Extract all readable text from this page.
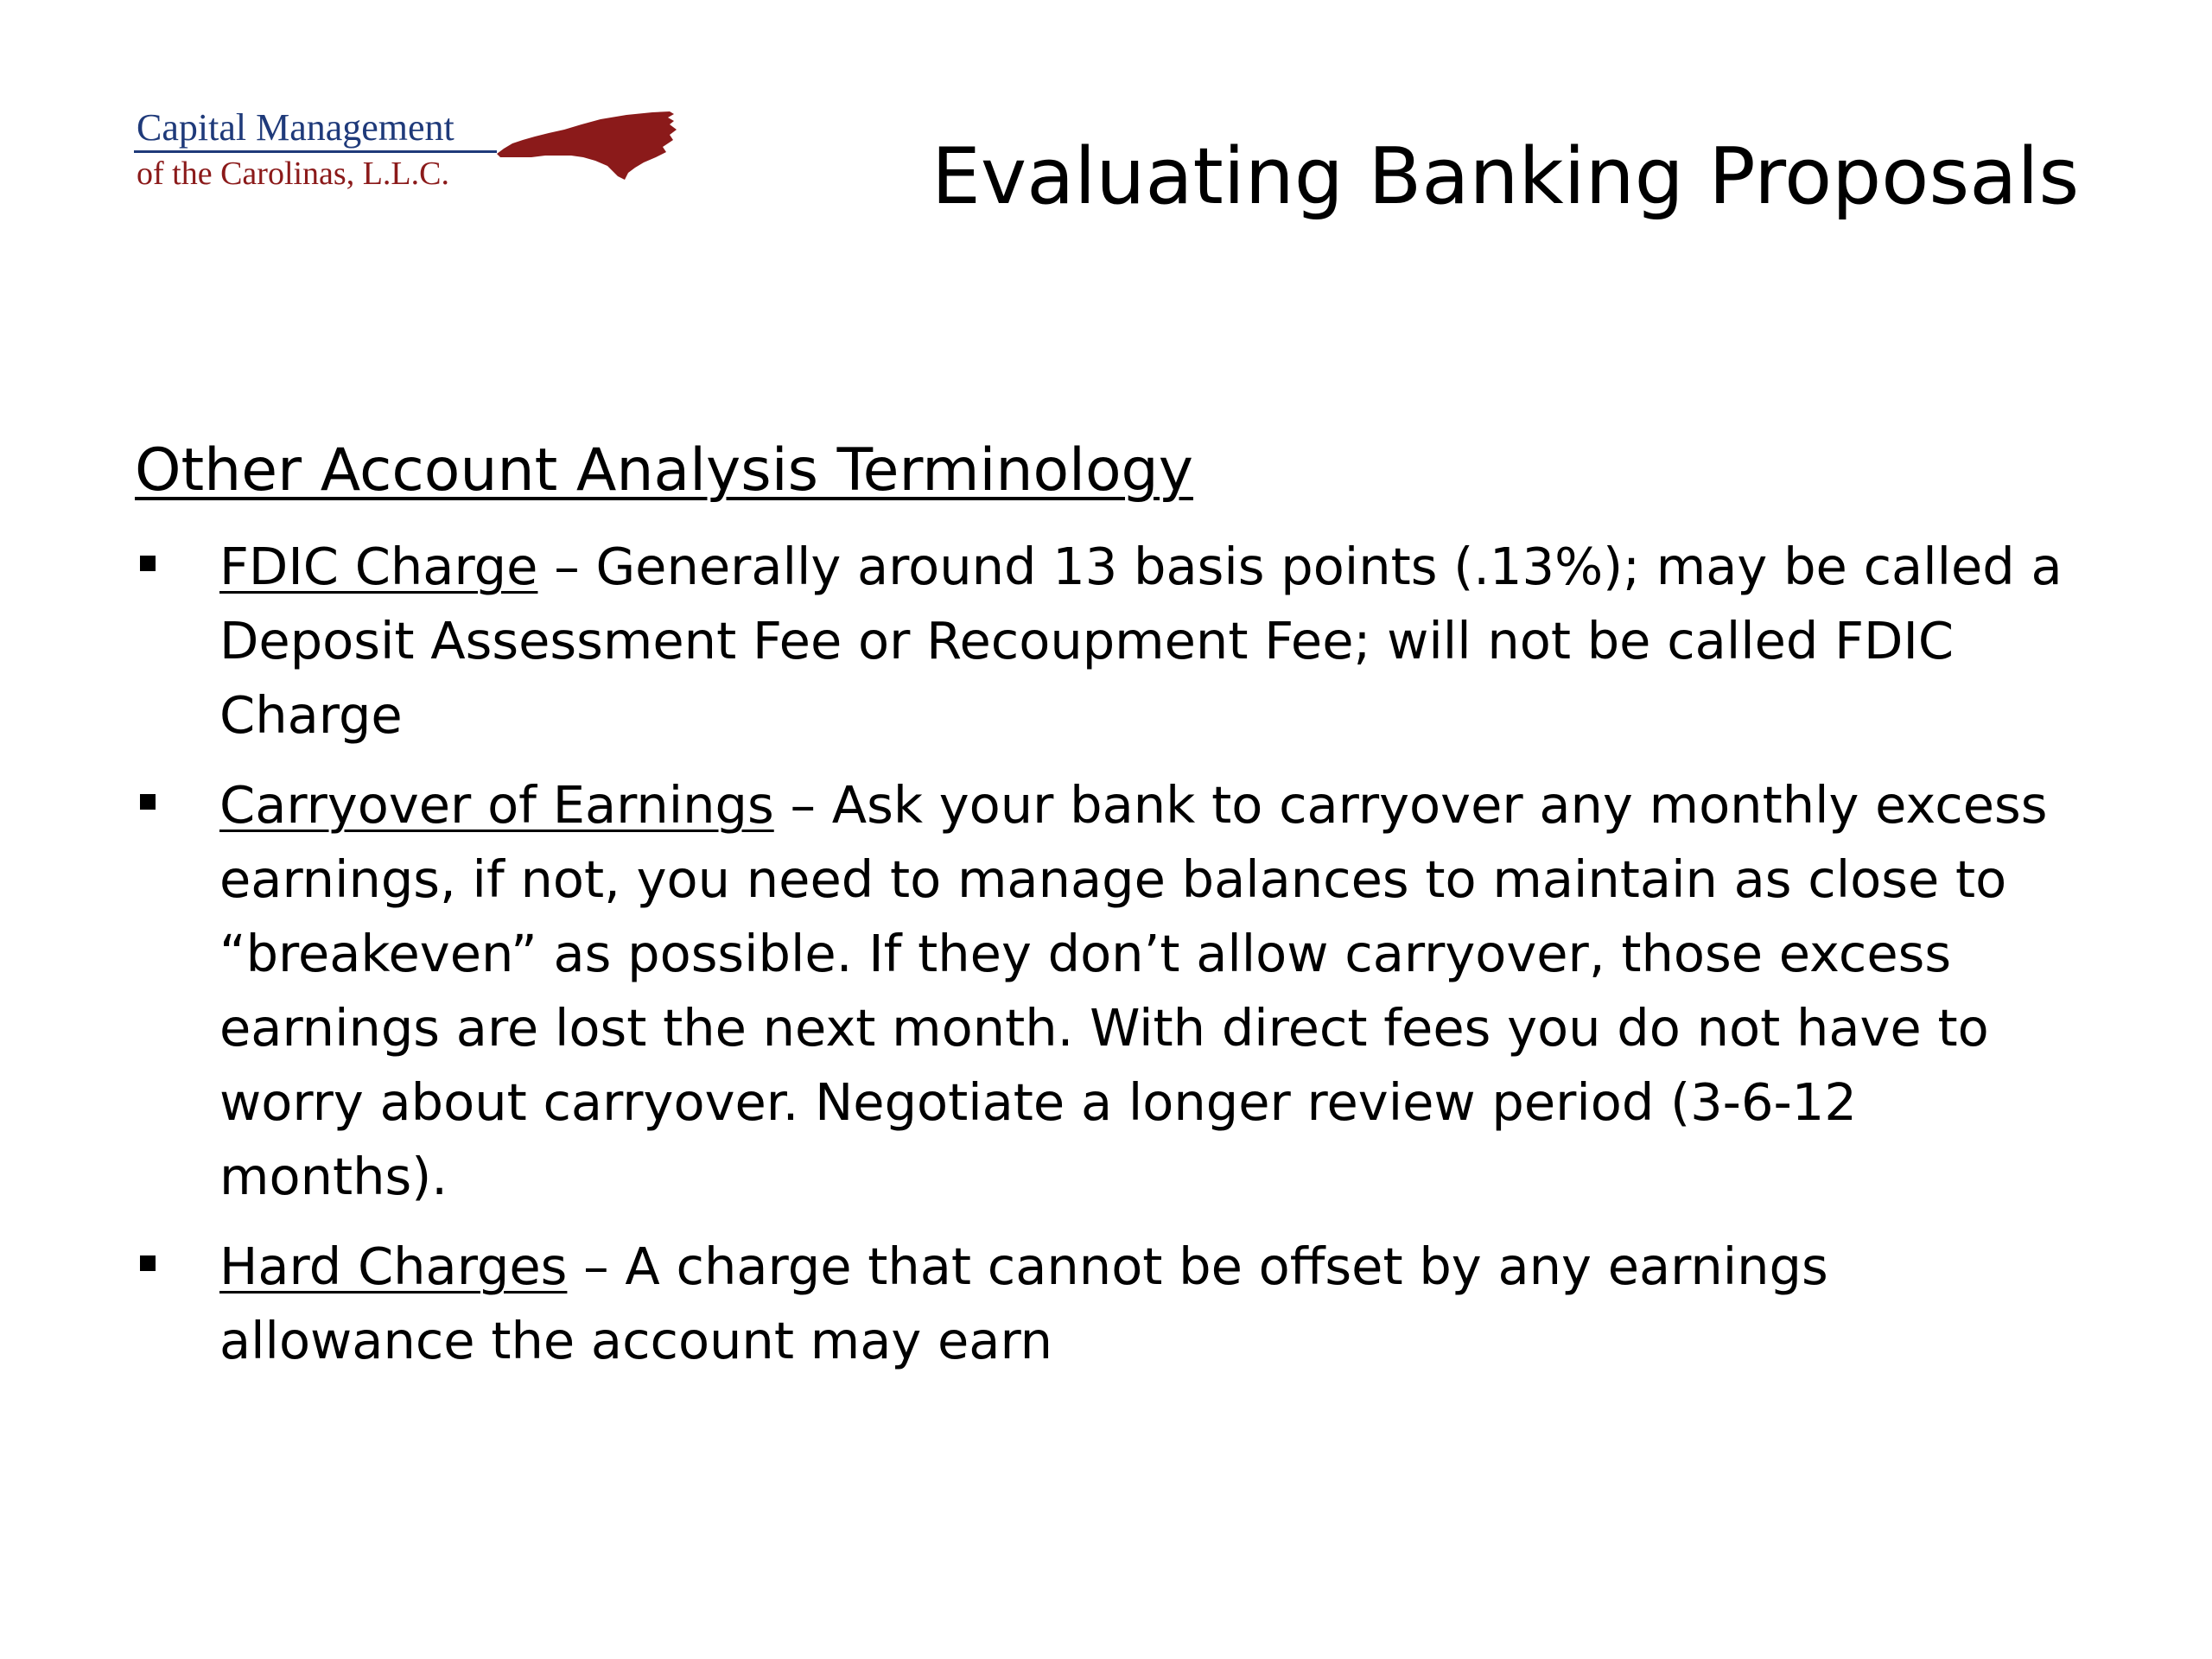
Capital Management
of the Carolinas, L.L.C.	Evaluating Banking Proposals
Other Account Analysis Terminology
FDIC Charge – Generally around 13 basis points (.13%); may be called a Deposit Assessment Fee or Recoupment Fee; will not be called FDIC Charge
Carryover of Earnings – Ask your bank to carryover any monthly excess earnings, if not, you need to manage balances to maintain as close to “breakeven” as possible. If they don’t allow carryover, those excess earnings are lost the next month. With direct fees you do not have to worry about carryover. Negotiate a longer review period (3-6-12 months).
Hard Charges – A charge that cannot be offset by any earnings allowance the account may earn
